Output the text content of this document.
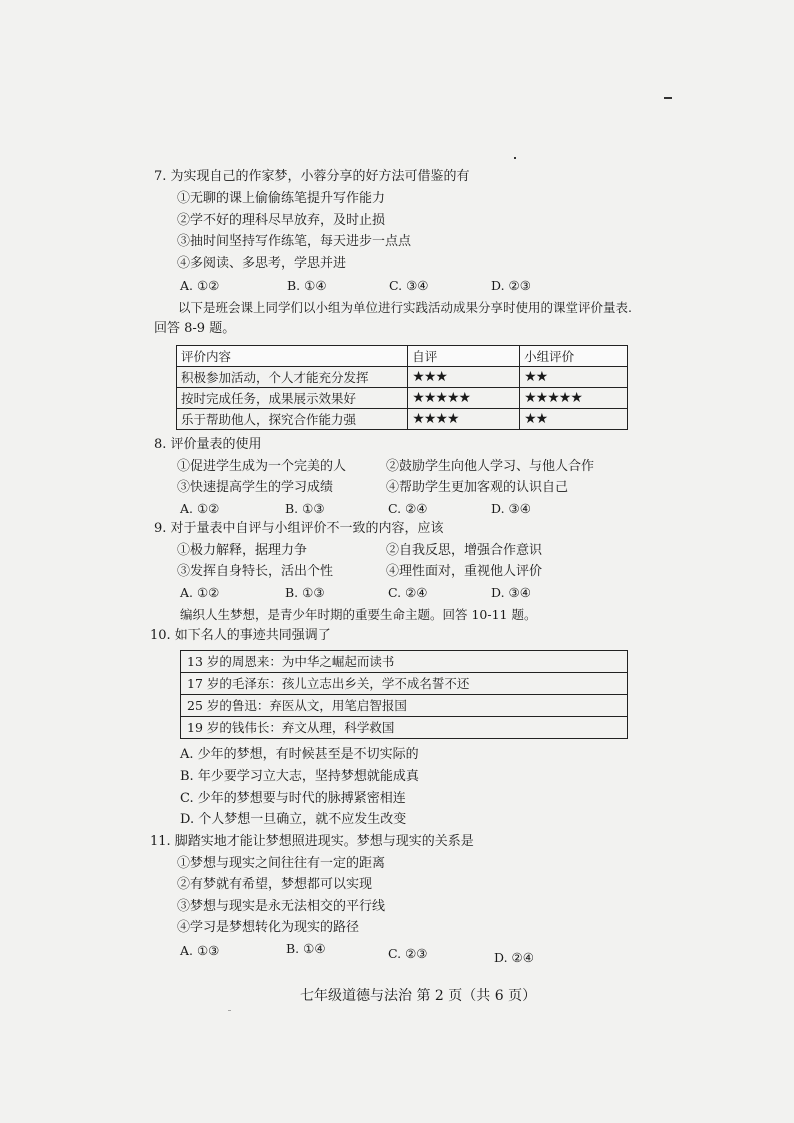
7. 为实现自己的作家梦，小蓉分享的好方法可借鉴的有
①无聊的课上偷偷练笔提升写作能力
②学不好的理科尽早放弃，及时止损
③抽时间坚持写作练笔，每天进步一点点
④多阅读、多思考，学思并进
A. ①②	B. ①④	C. ③④	D. ②③
以下是班会课上同学们以小组为单位进行实践活动成果分享时使用的课堂评价量表.
回答 8-9 题。
评价内容	自评	小组评价
积极参加活动，个人才能充分发挥	★★★	★★
按时完成任务，成果展示效果好	★★★★★	★★★★★
乐于帮助他人，探究合作能力强	★★★★	★★
8. 评价量表的使用
①促进学生成为一个完美的人	②鼓励学生向他人学习、与他人合作
③快速提高学生的学习成绩	④帮助学生更加客观的认识自己
A. ①②	B. ①③	C. ②④	D. ③④
9. 对于量表中自评与小组评价不一致的内容，应该
①极力解释，据理力争	②自我反思，增强合作意识
③发挥自身特长，活出个性	④理性面对，重视他人评价
A. ①②	B. ①③	C. ②④	D. ③④
编织人生梦想，是青少年时期的重要生命主题。回答 10-11 题。
10. 如下名人的事迹共同强调了
13 岁的周恩来：为中华之崛起而读书
17 岁的毛泽东：孩儿立志出乡关，学不成名誓不还
25 岁的鲁迅：弃医从文，用笔启智报国
19 岁的钱伟长：弃文从理，科学救国
A. 少年的梦想，有时候甚至是不切实际的
B. 年少要学习立大志，坚持梦想就能成真
C. 少年的梦想要与时代的脉搏紧密相连
D. 个人梦想一旦确立，就不应发生改变
11. 脚踏实地才能让梦想照进现实。梦想与现实的关系是
①梦想与现实之间往往有一定的距离
②有梦就有希望，梦想都可以实现
③梦想与现实是永无法相交的平行线
④学习是梦想转化为现实的路径
A. ①③	B. ①④	C. ②③	D. ②④
七年级道德与法治 第 2 页（共 6 页）
